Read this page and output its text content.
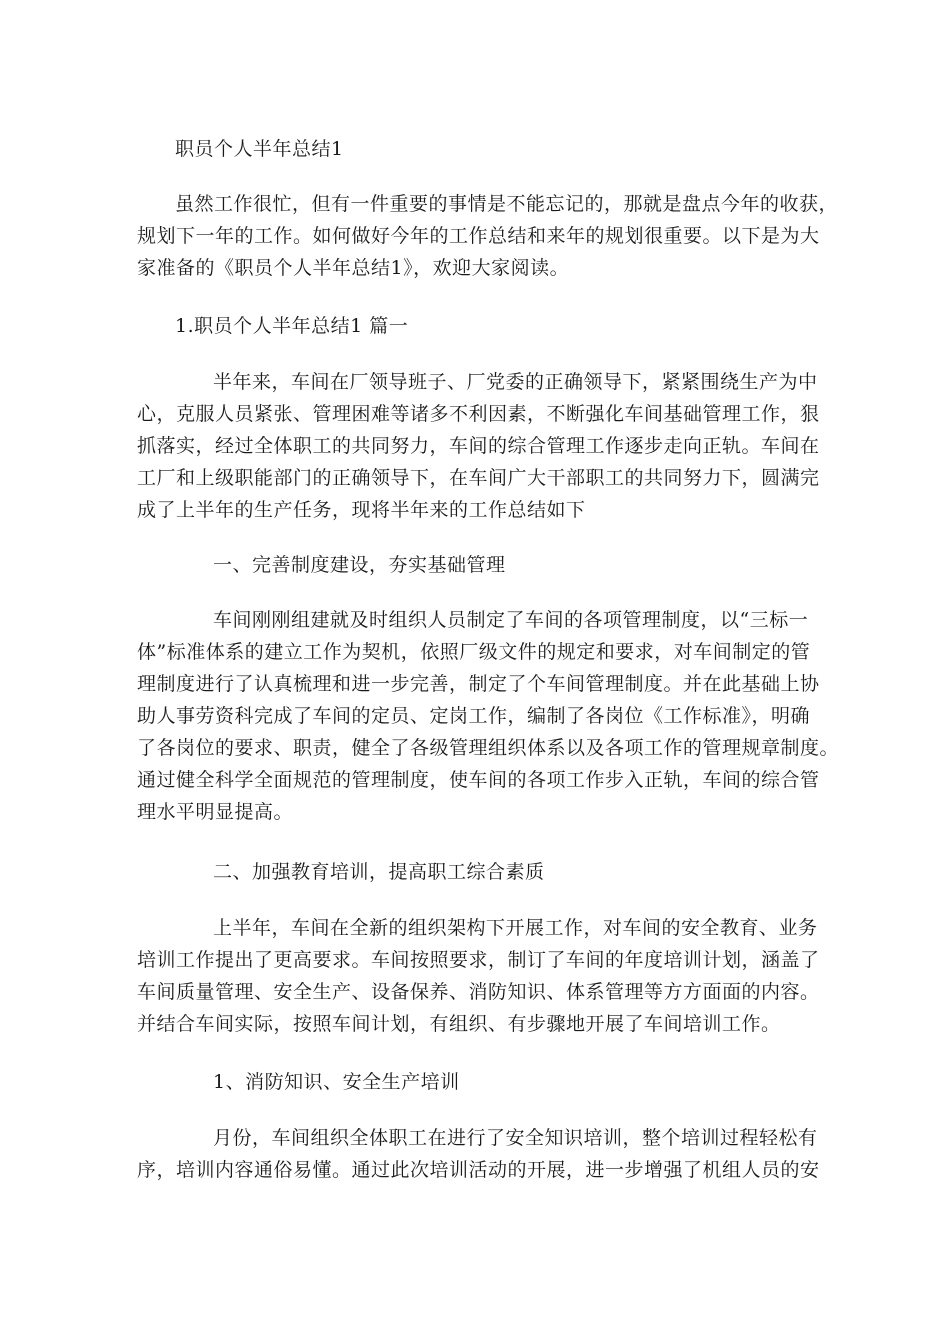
职员个人半年总结1

虽然工作很忙，但有一件重要的事情是不能忘记的，那就是盘点今年的收获，
规划下一年的工作。如何做好今年的工作总结和来年的规划很重要。以下是为大
家准备的《职员个人半年总结1》，欢迎大家阅读。

1.职员个人半年总结1 篇一

半年来，车间在厂领导班子、厂党委的正确领导下，紧紧围绕生产为中
心，克服人员紧张、管理困难等诸多不利因素，不断强化车间基础管理工作，狠
抓落实，经过全体职工的共同努力，车间的综合管理工作逐步走向正轨。车间在
工厂和上级职能部门的正确领导下，在车间广大干部职工的共同努力下，圆满完
成了上半年的生产任务，现将半年来的工作总结如下

一、完善制度建设，夯实基础管理

车间刚刚组建就及时组织人员制定了车间的各项管理制度，以“三标一
体”标准体系的建立工作为契机，依照厂级文件的规定和要求，对车间制定的管
理制度进行了认真梳理和进一步完善，制定了个车间管理制度。并在此基础上协
助人事劳资科完成了车间的定员、定岗工作，编制了各岗位《工作标准》，明确
了各岗位的要求、职责，健全了各级管理组织体系以及各项工作的管理规章制度。
通过健全科学全面规范的管理制度，使车间的各项工作步入正轨，车间的综合管
理水平明显提高。

二、加强教育培训，提高职工综合素质

上半年，车间在全新的组织架构下开展工作，对车间的安全教育、业务
培训工作提出了更高要求。车间按照要求，制订了车间的年度培训计划，涵盖了
车间质量管理、安全生产、设备保养、消防知识、体系管理等方方面面的内容。
并结合车间实际，按照车间计划，有组织、有步骤地开展了车间培训工作。

1、消防知识、安全生产培训

月份，车间组织全体职工在进行了安全知识培训，整个培训过程轻松有
序，培训内容通俗易懂。通过此次培训活动的开展，进一步增强了机组人员的安
